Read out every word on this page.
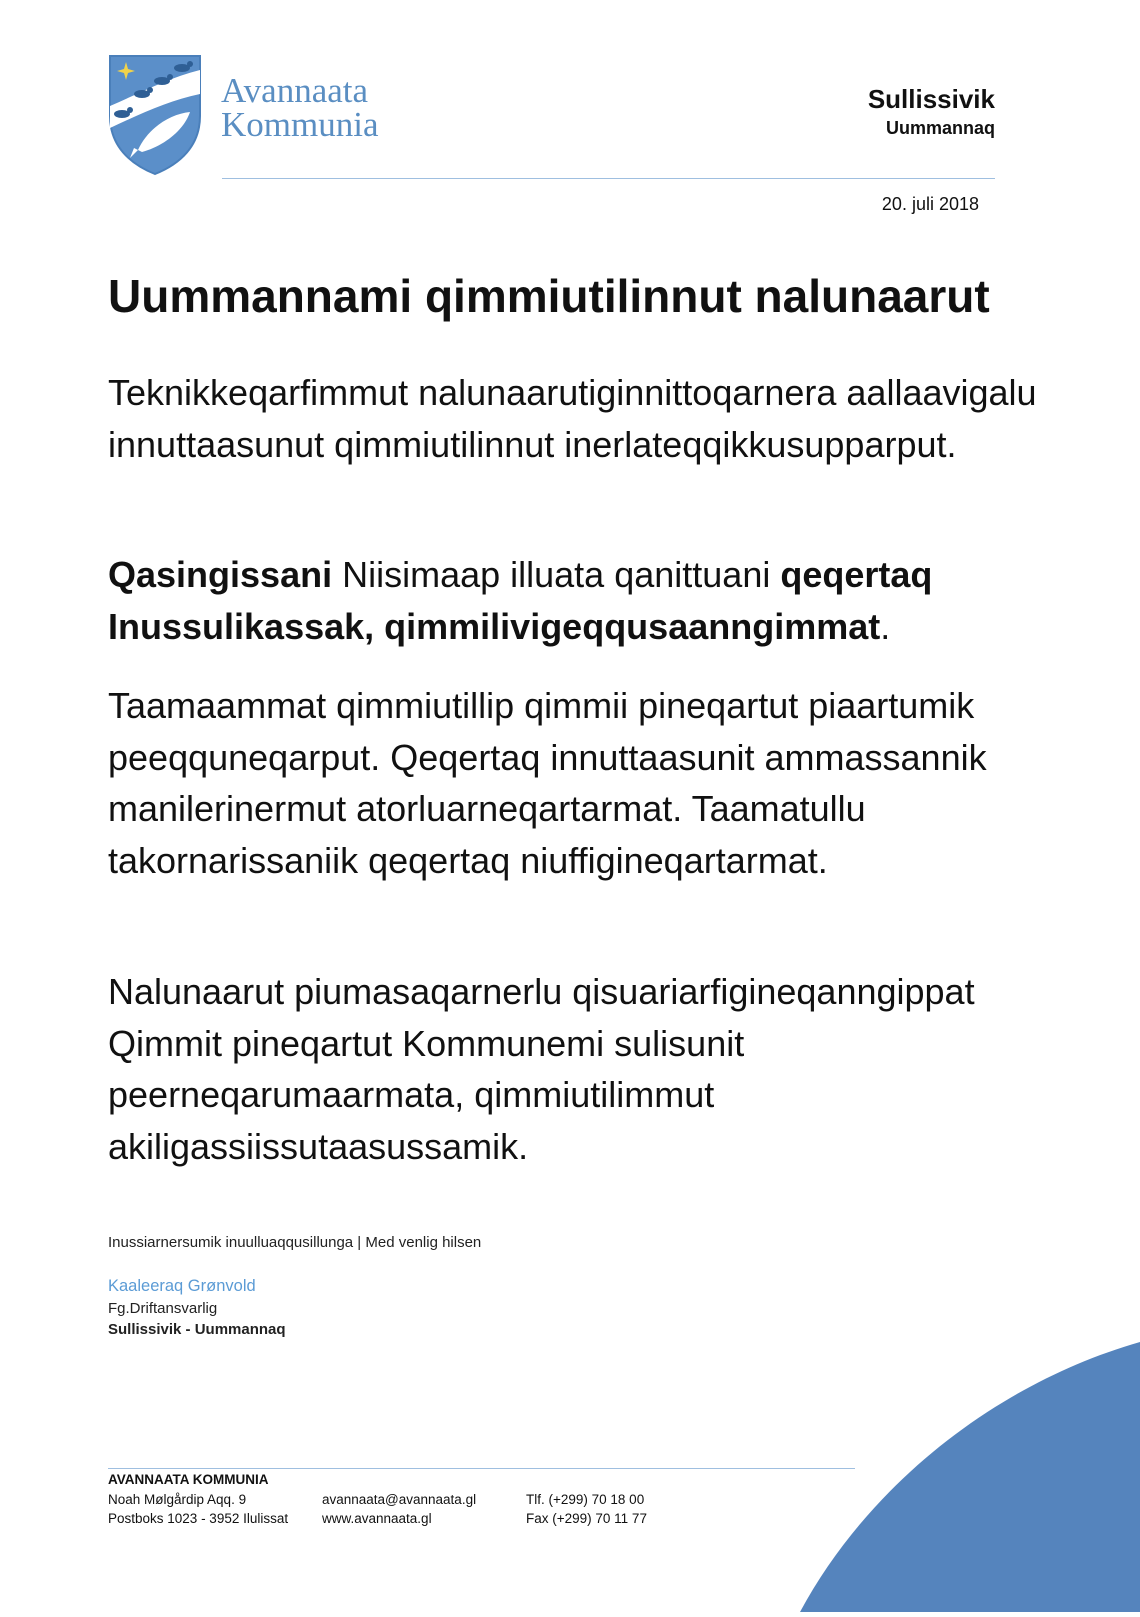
Avannaata
Kommunia
Sullissivik
Uummannaq
20. juli 2018
Uummannami qimmiutilinnut nalunaarut
Teknikkeqarfimmut nalunaarutiginnittoqarnera aallaavigalu innuttaasunut qimmiutilinnut inerlateqqikkusupparput.
Qasingissani Niisimaap illuata qanittuani qeqertaq Inussulikassak, qimmilivigeqqusaanngimmat.
Taamaammat qimmiutillip qimmii pineqartut piaartumik peeqquneqarput. Qeqertaq innuttaasunit ammassannik manilerinermut atorluarneqartarmat. Taamatullu takornarissaniik qeqertaq niuffigineqartarmat.
Nalunaarut piumasaqarnerlu qisuariarfigineqanngippat Qimmit pineqartut Kommunemi sulisunit peerneqarumaarmata, qimmiutilimmut akiligassiissutaasussamik.
Inussiarnersumik inuulluaqqusillunga | Med venlig hilsen
Kaaleeraq Grønvold
Fg.Driftansvarlig
Sullissivik - Uummannaq
AVANNAATA KOMMUNIA
Noah Mølgårdip Aqq. 9
Postboks 1023 - 3952 Ilulissat
avannaata@avannaata.gl
www.avannaata.gl
Tlf. (+299) 70 18 00
Fax (+299) 70 11 77
